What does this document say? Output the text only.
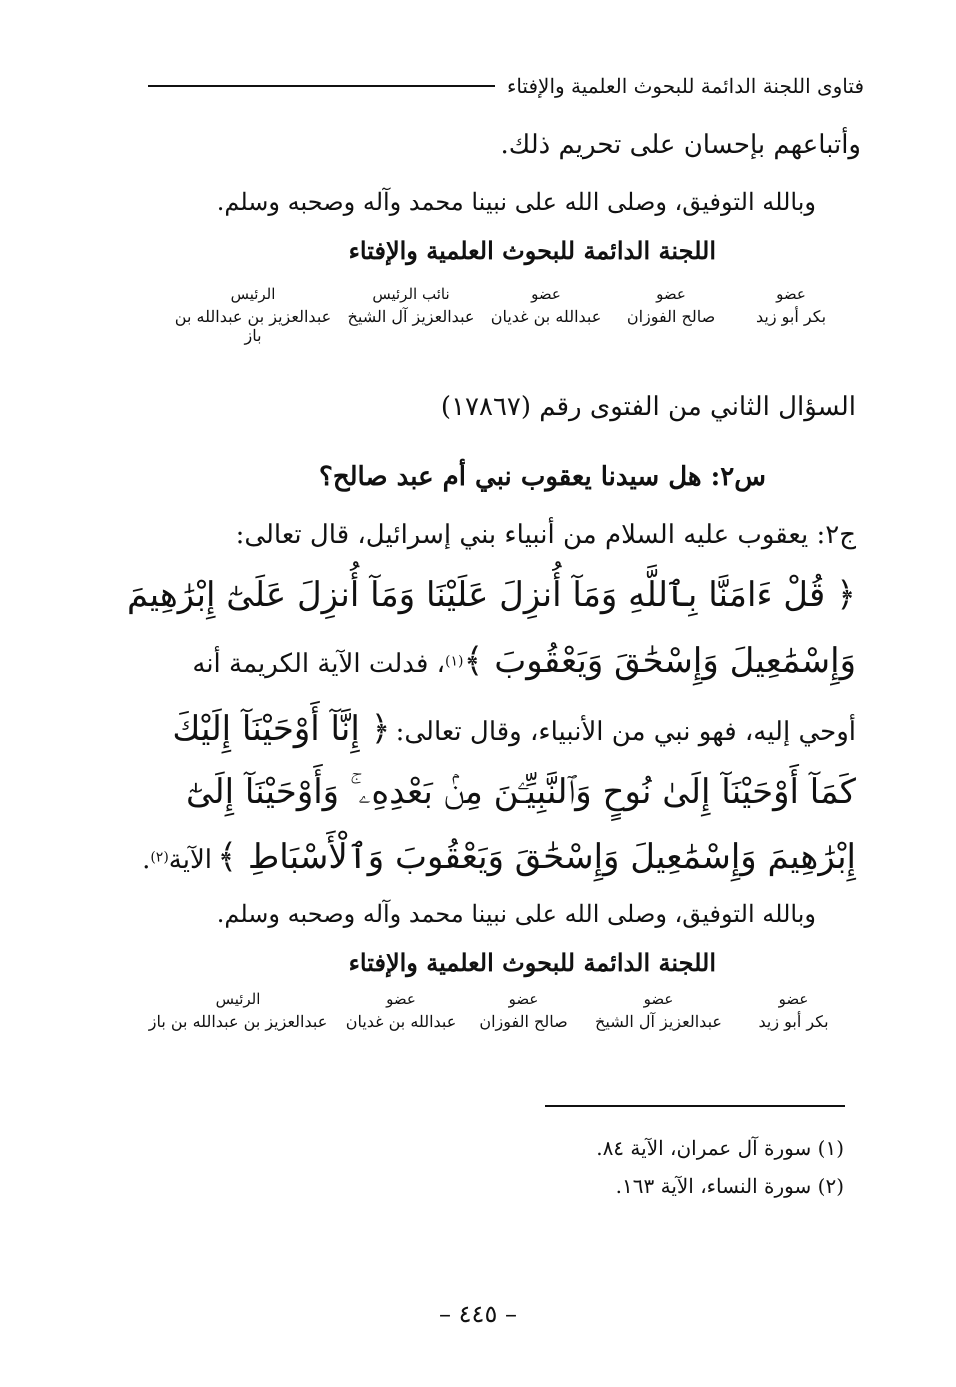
فتاوى اللجنة الدائمة للبحوث العلمية والإفتاء
وأتباعهم بإحسان على تحريم ذلك.
وبالله التوفيق، وصلى الله على نبينا محمد وآله وصحبه وسلم.
اللجنة الدائمة للبحوث العلمية والإفتاء
عضو
بكر أبو زيد
عضو
صالح الفوزان
عضو
عبدالله بن غديان
نائب الرئيس
عبدالعزيز آل الشيخ
الرئيس
عبدالعزيز بن عبدالله بن باز
السؤال الثاني من الفتوى رقم (١٧٨٦٧)
س٢: هل سيدنا يعقوب نبي أم عبد صالح؟
ج٢: يعقوب عليه السلام من أنبياء بني إسرائيل، قال تعالى:
﴿ قُلْ ءَامَنَّا بِٱللَّهِ وَمَآ أُنزِلَ عَلَيْنَا وَمَآ أُنزِلَ عَلَىٰٓ إِبْرَٰهِيمَ
وَإِسْمَٰعِيلَ وَإِسْحَٰقَ وَيَعْقُوبَ ﴾$^{(١)}$، فدلت الآية الكريمة أنه
أوحي إليه، فهو نبي من الأنبياء، وقال تعالى: ﴿ إِنَّآ أَوْحَيْنَآ إِلَيْكَ
كَمَآ أَوْحَيْنَآ إِلَىٰ نُوحٍ وَٱلنَّبِيِّـۧنَ مِنۢ بَعْدِهِۦ ۚ وَأَوْحَيْنَآ إِلَىٰٓ
إِبْرَٰهِيمَ وَإِسْمَٰعِيلَ وَإِسْحَٰقَ وَيَعْقُوبَ وَٱلْأَسْبَاطِ ﴾ الآية$^{(٢)}$.
وبالله التوفيق، وصلى الله على نبينا محمد وآله وصحبه وسلم.
اللجنة الدائمة للبحوث العلمية والإفتاء
عضو
بكر أبو زيد
عضو
عبدالعزيز آل الشيخ
عضو
صالح الفوزان
عضو
عبدالله بن غديان
الرئيس
عبدالعزيز بن عبدالله بن باز
(١) سورة آل عمران، الآية ٨٤.
(٢) سورة النساء، الآية ١٦٣.
– ٤٤٥ –
